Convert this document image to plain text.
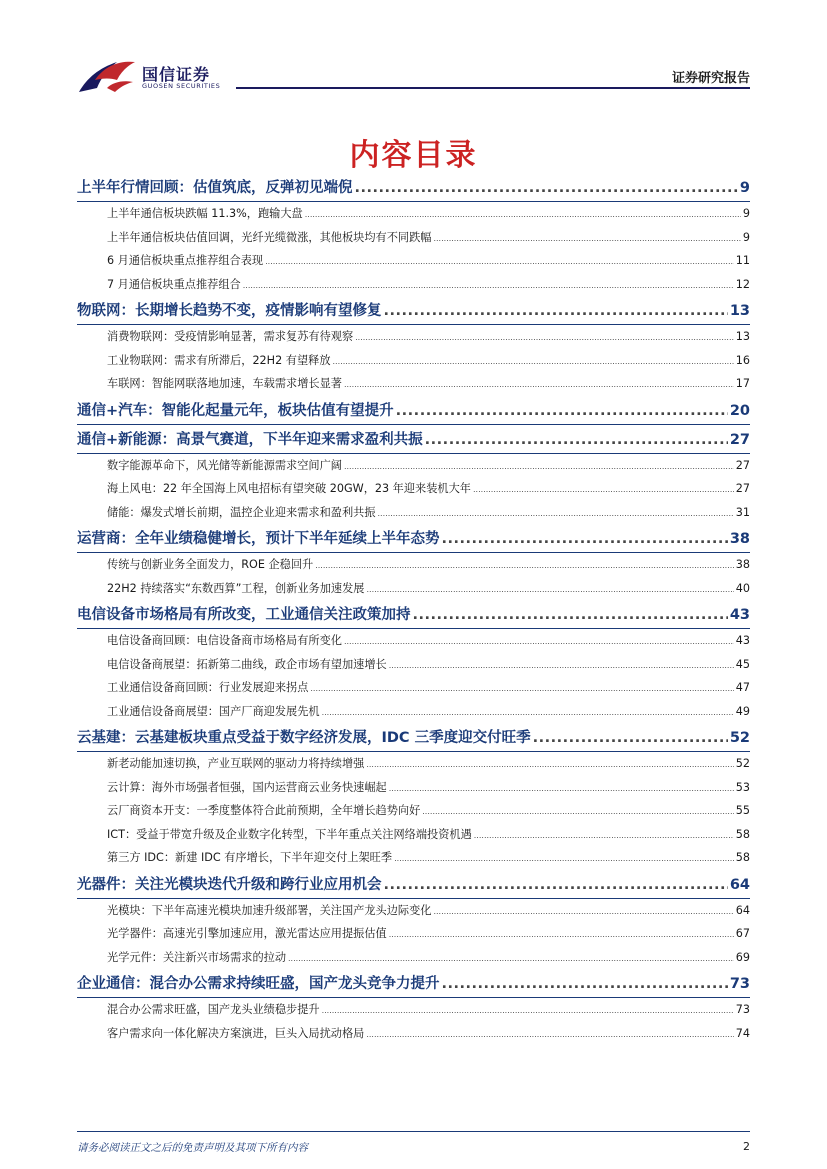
国信证券
GUOSEN SECURITIES	证券研究报告
内容目录
上半年行情回顾：估值筑底，反弹初见端倪 .....	9
上半年通信板块跌幅 11.3%，跑输大盘 .....	9
上半年通信板块估值回调，光纤光缆微涨，其他板块均有不同跌幅 .....	9
6 月通信板块重点推荐组合表现 .....	11
7 月通信板块重点推荐组合 .....	12
物联网：长期增长趋势不变，疫情影响有望修复 .....	13
消费物联网：受疫情影响显著，需求复苏有待观察 .....	13
工业物联网：需求有所滞后，22H2 有望释放 .....	16
车联网：智能网联落地加速，车载需求增长显著 .....	17
通信+汽车：智能化起量元年，板块估值有望提升 .....	20
通信+新能源：高景气赛道，下半年迎来需求盈利共振 .....	27
数字能源革命下，风光储等新能源需求空间广阔 .....	27
海上风电：22 年全国海上风电招标有望突破 20GW，23 年迎来装机大年 .....	27
储能：爆发式增长前期，温控企业迎来需求和盈利共振 .....	31
运营商：全年业绩稳健增长，预计下半年延续上半年态势 .....	38
传统与创新业务全面发力，ROE 企稳回升 .....	38
22H2 持续落实“东数西算”工程，创新业务加速发展 .....	40
电信设备市场格局有所改变，工业通信关注政策加持 .....	43
电信设备商回顾：电信设备商市场格局有所变化 .....	43
电信设备商展望：拓新第二曲线，政企市场有望加速增长 .....	45
工业通信设备商回顾：行业发展迎来拐点 .....	47
工业通信设备商展望：国产厂商迎发展先机 .....	49
云基建：云基建板块重点受益于数字经济发展，IDC 三季度迎交付旺季 .....	52
新老动能加速切换，产业互联网的驱动力将持续增强 .....	52
云计算：海外市场强者恒强，国内运营商云业务快速崛起 .....	53
云厂商资本开支：一季度整体符合此前预期，全年增长趋势向好 .....	55
ICT：受益于带宽升级及企业数字化转型，下半年重点关注网络端投资机遇 .....	58
第三方 IDC：新建 IDC 有序增长，下半年迎交付上架旺季 .....	58
光器件：关注光模块迭代升级和跨行业应用机会 .....	64
光模块：下半年高速光模块加速升级部署，关注国产龙头边际变化 .....	64
光学器件：高速光引擎加速应用，激光雷达应用提振估值 .....	67
光学元件：关注新兴市场需求的拉动 .....	69
企业通信：混合办公需求持续旺盛，国产龙头竞争力提升 .....	73
混合办公需求旺盛，国产龙头业绩稳步提升 .....	73
客户需求向一体化解决方案演进，巨头入局扰动格局 .....	74
请务必阅读正文之后的免责声明及其项下所有内容	2
